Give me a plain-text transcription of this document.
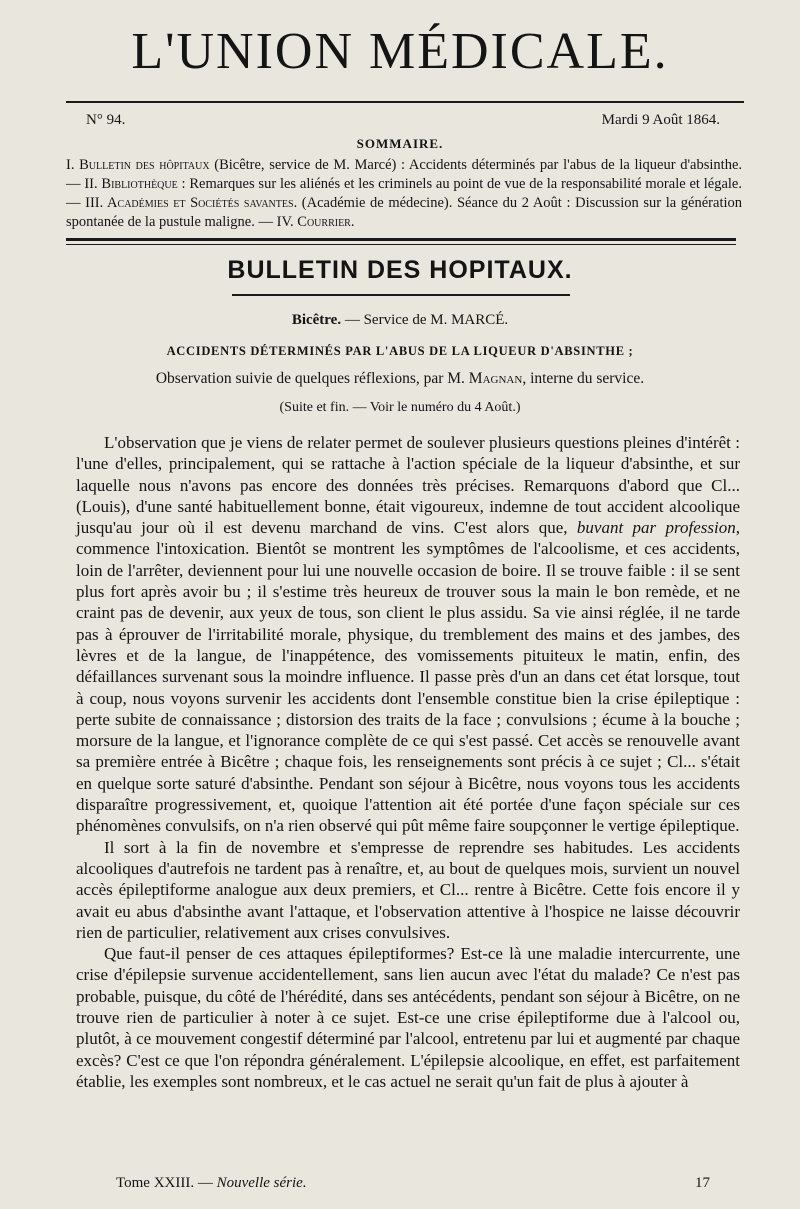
L'UNION MÉDICALE.
N° 94.	Mardi 9 Août 1864.
SOMMAIRE.
I. Bulletin des hôpitaux (Bicêtre, service de M. Marcé) : Accidents déterminés par l'abus de la liqueur d'absinthe. — II. Bibliothèque : Remarques sur les aliénés et les criminels au point de vue de la responsabilité morale et légale. — III. Académies et Sociétés savantes. (Académie de médecine). Séance du 2 Août : Discussion sur la génération spontanée de la pustule maligne. — IV. Courrier.
BULLETIN DES HOPITAUX.
Bicêtre. — Service de M. MARCÉ.
ACCIDENTS DÉTERMINÉS PAR L'ABUS DE LA LIQUEUR D'ABSINTHE ;
Observation suivie de quelques réflexions, par M. Magnan, interne du service.
(Suite et fin. — Voir le numéro du 4 Août.)

L'observation que je viens de relater permet de soulever plusieurs questions pleines d'intérêt : l'une d'elles, principalement, qui se rattache à l'action spéciale de la liqueur d'absinthe, et sur laquelle nous n'avons pas encore des données très précises. Remarquons d'abord que Cl... (Louis), d'une santé habituellement bonne, était vigoureux, indemne de tout accident alcoolique jusqu'au jour où il est devenu marchand de vins. C'est alors que, buvant par profession, commence l'intoxication. Bientôt se montrent les symptômes de l'alcoolisme, et ces accidents, loin de l'arrêter, deviennent pour lui une nouvelle occasion de boire. Il se trouve faible : il se sent plus fort après avoir bu ; il s'estime très heureux de trouver sous la main le bon remède, et ne craint pas de devenir, aux yeux de tous, son client le plus assidu. Sa vie ainsi réglée, il ne tarde pas à éprouver de l'irritabilité morale, physique, du tremblement des mains et des jambes, des lèvres et de la langue, de l'inappétence, des vomissements pituiteux le matin, enfin, des défaillances survenant sous la moindre influence. Il passe près d'un an dans cet état lorsque, tout à coup, nous voyons survenir les accidents dont l'ensemble constitue bien la crise épileptique : perte subite de connaissance ; distorsion des traits de la face ; convulsions ; écume à la bouche ; morsure de la langue, et l'ignorance complète de ce qui s'est passé. Cet accès se renouvelle avant sa première entrée à Bicêtre ; chaque fois, les renseignements sont précis à ce sujet ; Cl... s'était en quelque sorte saturé d'absinthe. Pendant son séjour à Bicêtre, nous voyons tous les accidents disparaître progressivement, et, quoique l'attention ait été portée d'une façon spéciale sur ces phénomènes convulsifs, on n'a rien observé qui pût même faire soupçonner le vertige épileptique.

Il sort à la fin de novembre et s'empresse de reprendre ses habitudes. Les accidents alcooliques d'autrefois ne tardent pas à renaître, et, au bout de quelques mois, survient un nouvel accès épileptiforme analogue aux deux premiers, et Cl... rentre à Bicêtre. Cette fois encore il y avait eu abus d'absinthe avant l'attaque, et l'observation attentive à l'hospice ne laisse découvrir rien de particulier, relativement aux crises convulsives.

Que faut-il penser de ces attaques épileptiformes? Est-ce là une maladie intercurrente, une crise d'épilepsie survenue accidentellement, sans lien aucun avec l'état du malade? Ce n'est pas probable, puisque, du côté de l'hérédité, dans ses antécédents, pendant son séjour à Bicêtre, on ne trouve rien de particulier à noter à ce sujet. Est-ce une crise épileptiforme due à l'alcool ou, plutôt, à ce mouvement congestif déterminé par l'alcool, entretenu par lui et augmenté par chaque excès? C'est ce que l'on répondra généralement. L'épilepsie alcoolique, en effet, est parfaitement établie, les exemples sont nombreux, et le cas actuel ne serait qu'un fait de plus à ajouter à

Tome XXIII. — Nouvelle série.	17
